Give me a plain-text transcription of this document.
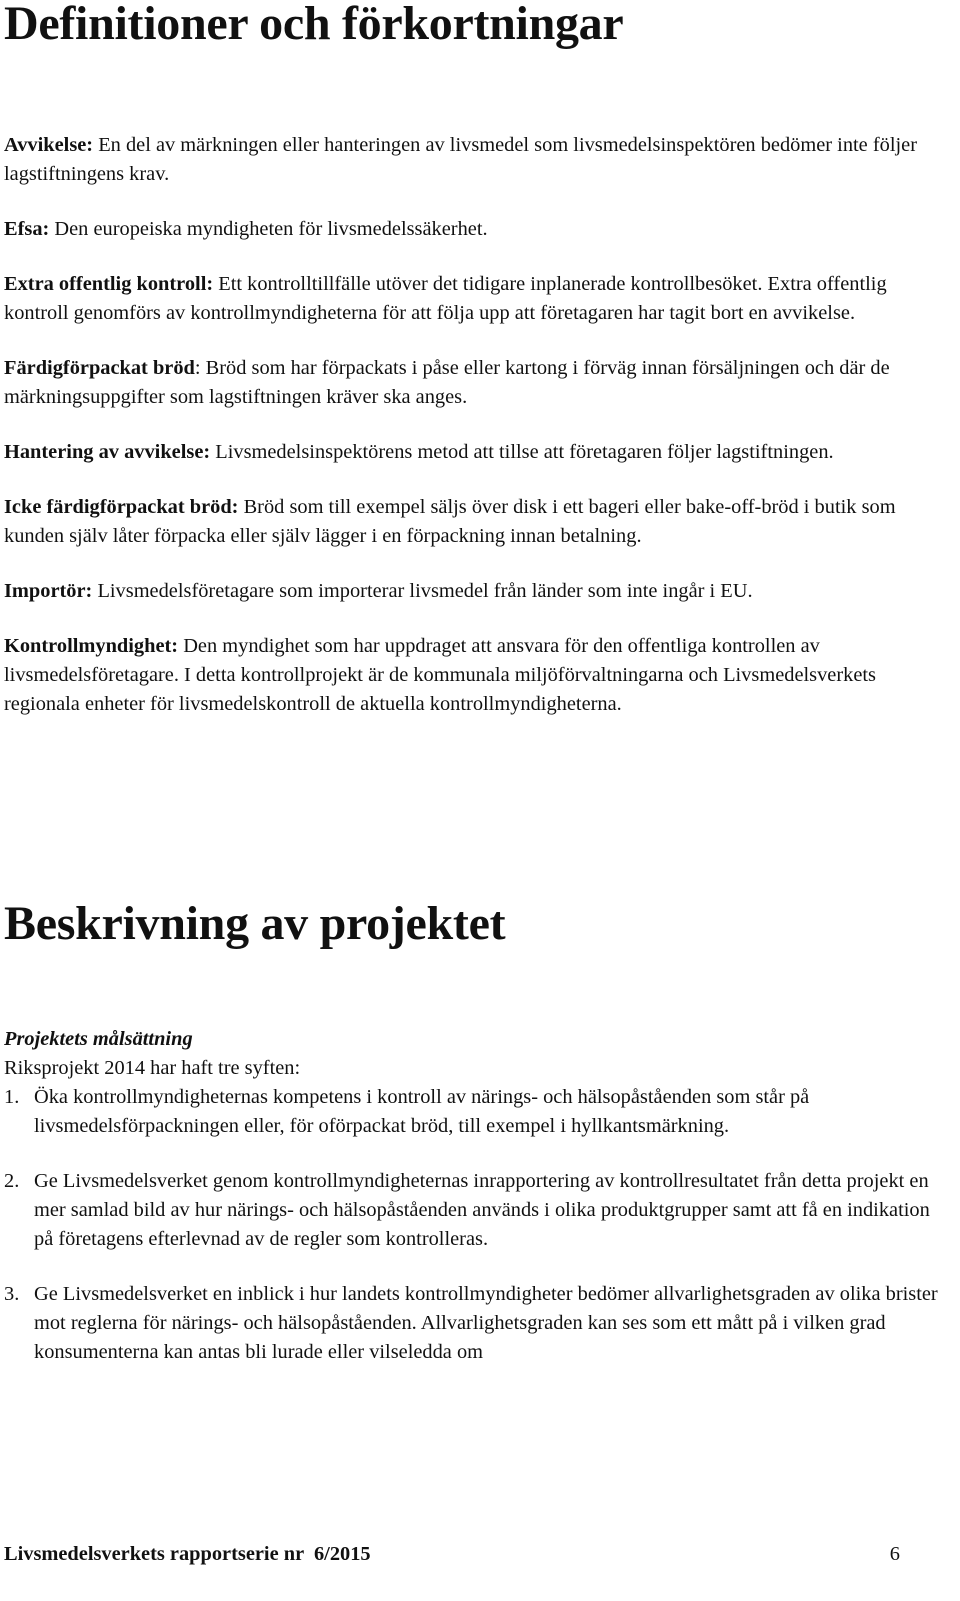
Definitioner och förkortningar

Avvikelse: En del av märkningen eller hanteringen av livsmedel som livsmedelsinspektören bedömer inte följer lagstiftningens krav.

Efsa: Den europeiska myndigheten för livsmedelssäkerhet.

Extra offentlig kontroll: Ett kontrolltillfälle utöver det tidigare inplanerade kontrollbesöket. Extra offentlig kontroll genomförs av kontrollmyndigheterna för att följa upp att företagaren har tagit bort en avvikelse.

Färdigförpackat bröd: Bröd som har förpackats i påse eller kartong i förväg innan försäljningen och där de märkningsuppgifter som lagstiftningen kräver ska anges.

Hantering av avvikelse: Livsmedelsinspektörens metod att tillse att företagaren följer lagstiftningen.

Icke färdigförpackat bröd: Bröd som till exempel säljs över disk i ett bageri eller bake-off-bröd i butik som kunden själv låter förpacka eller själv lägger i en förpackning innan betalning.

Importör: Livsmedelsföretagare som importerar livsmedel från länder som inte ingår i EU.

Kontrollmyndighet: Den myndighet som har uppdraget att ansvara för den offentliga kontrollen av livsmedelsföretagare. I detta kontrollprojekt är de kommunala miljöförvaltningarna och Livsmedelsverkets regionala enheter för livsmedelskontroll de aktuella kontrollmyndigheterna.

Beskrivning av projektet

Projektets målsättning

Riksprojekt 2014 har haft tre syften:

1. Öka kontrollmyndigheternas kompetens i kontroll av närings- och hälsopåståenden som står på livsmedelsförpackningen eller, för oförpackat bröd, till exempel i hyllkantsmärkning.
2. Ge Livsmedelsverket genom kontrollmyndigheternas inrapportering av kontrollresultatet från detta projekt en mer samlad bild av hur närings- och hälsopåståenden används i olika produktgrupper samt att få en indikation på företagens efterlevnad av de regler som kontrolleras.
3. Ge Livsmedelsverket en inblick i hur landets kontrollmyndigheter bedömer allvarlighetsgraden av olika brister mot reglerna för närings- och hälsopåståenden. Allvarlighetsgraden kan ses som ett mått på i vilken grad konsumenterna kan antas bli lurade eller vilseledda om
Livsmedelsverkets rapportserie nr  6/2015	6
